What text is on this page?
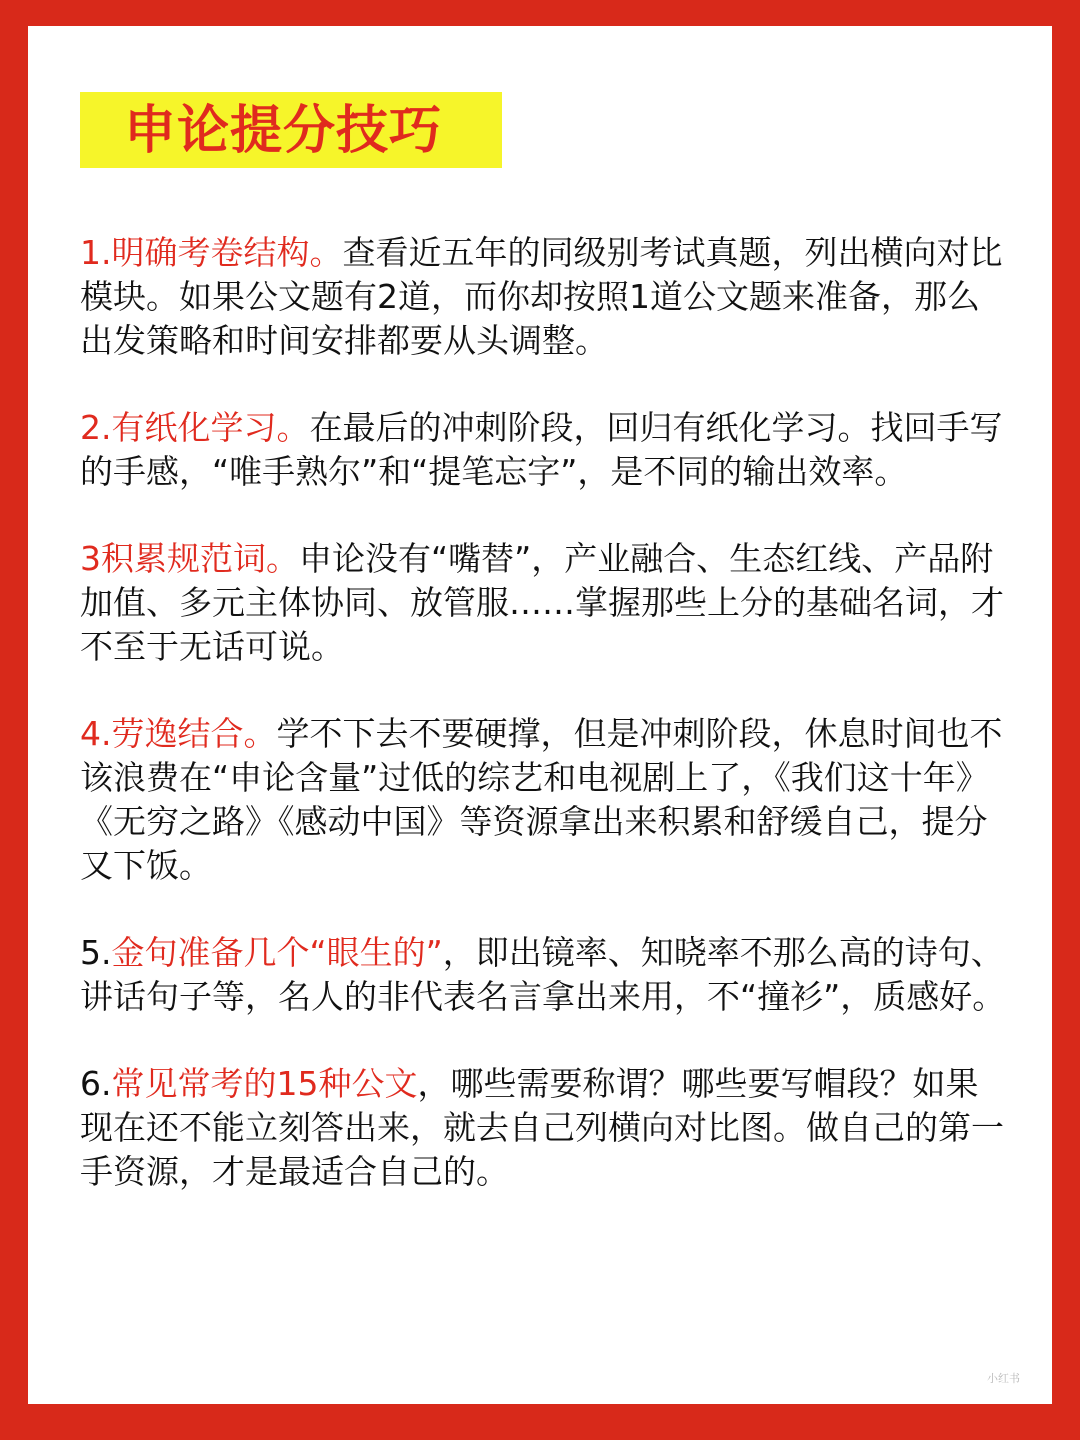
申论提分技巧

1.明确考卷结构。查看近五年的同级别考试真题，列出横向对比模块。如果公文题有2道，而你却按照1道公文题来准备，那么出发策略和时间安排都要从头调整。

2.有纸化学习。在最后的冲刺阶段，回归有纸化学习。找回手写的手感，“唯手熟尔”和“提笔忘字”，是不同的输出效率。

3积累规范词。申论没有“嘴替”，产业融合、生态红线、产品附加值、多元主体协同、放管服……掌握那些上分的基础名词，才不至于无话可说。

4.劳逸结合。学不下去不要硬撑，但是冲刺阶段，休息时间也不该浪费在“申论含量”过低的综艺和电视剧上了，《我们这十年》《无穷之路》《感动中国》等资源拿出来积累和舒缓自己，提分又下饭。

5.金句准备几个“眼生的”，即出镜率、知晓率不那么高的诗句、讲话句子等，名人的非代表名言拿出来用，不“撞衫”，质感好。

6.常见常考的15种公文，哪些需要称谓？哪些要写帽段？如果现在还不能立刻答出来，就去自己列横向对比图。做自己的第一手资源，才是最适合自己的。

小红书
